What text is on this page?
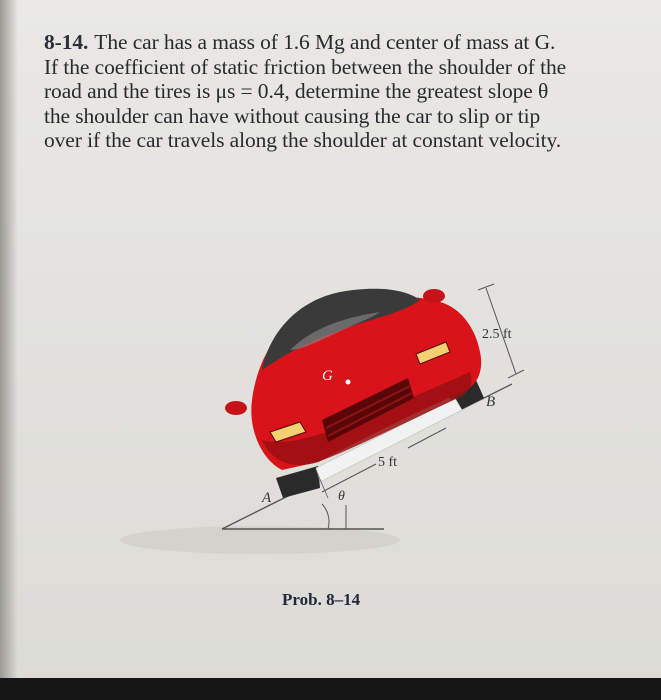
8-14. The car has a mass of 1.6 Mg and center of mass at G.
If the coefficient of static friction between the shoulder of the
road and the tires is μs = 0.4, determine the greatest slope θ
the shoulder can have without causing the car to slip or tip
over if the car travels along the shoulder at constant velocity.
G
A
B
θ
2.5 ft
5 ft
Prob. 8–14
